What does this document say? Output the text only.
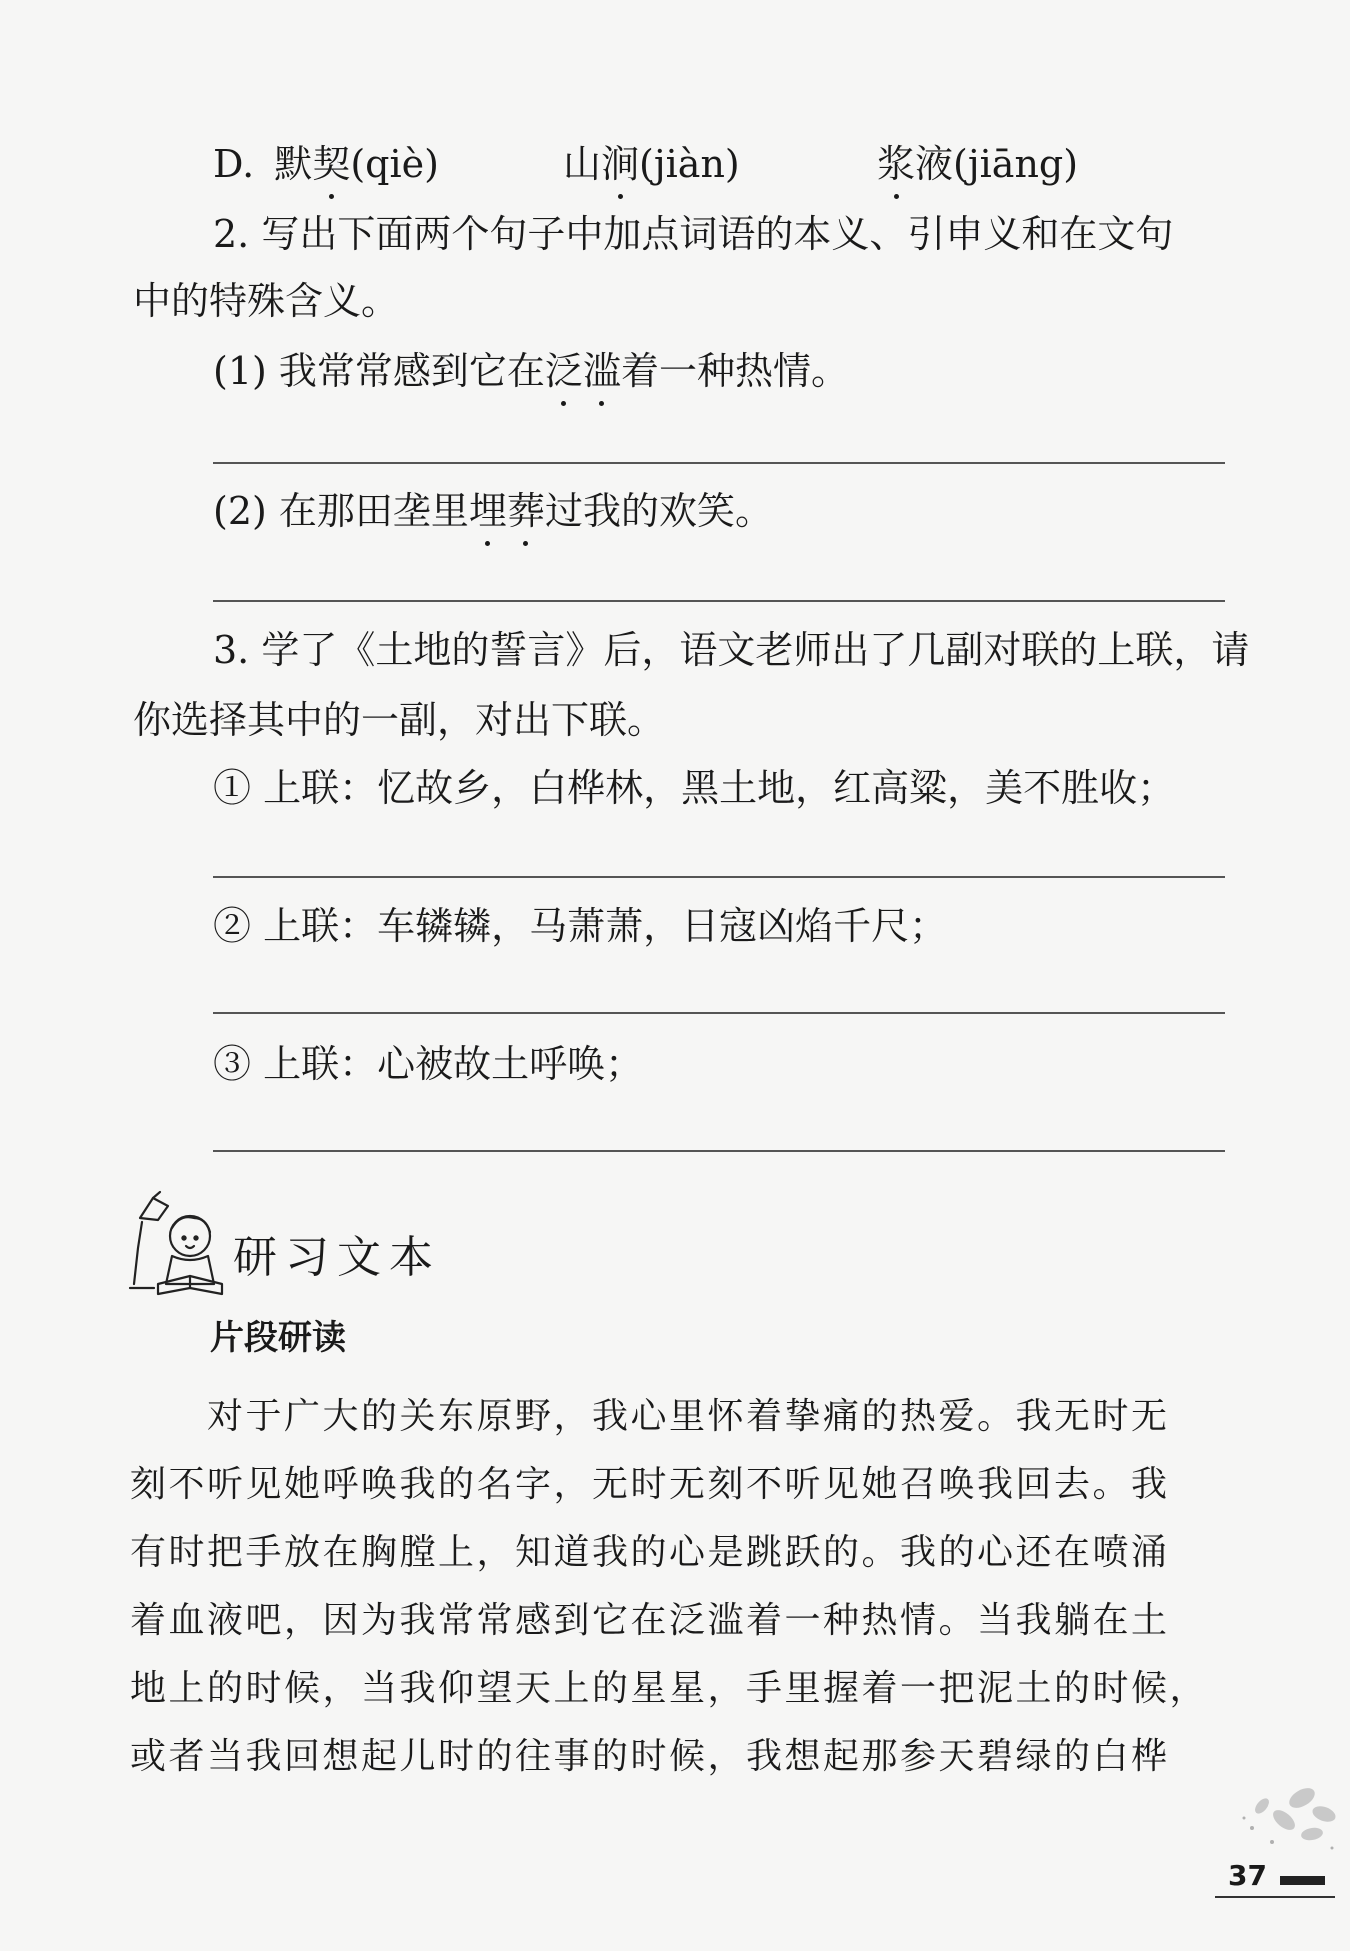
D. 默契(qiè)	山涧(jiàn)	浆液(jiāng)
2. 写出下面两个句子中加点词语的本义、引申义和在文句
中的特殊含义。
(1) 我常常感到它在泛滥着一种热情。
(2) 在那田垄里埋葬过我的欢笑。
3. 学了《土地的誓言》后，语文老师出了几副对联的上联，请
你选择其中的一副，对出下联。
① 上联：忆故乡，白桦林，黑土地，红高粱，美不胜收；
② 上联：车辚辚，马萧萧，日寇凶焰千尺；
③ 上联：心被故土呼唤；
研习文本
片段研读
　　对于广大的关东原野，我心里怀着挚痛的热爱。我无时无
刻不听见她呼唤我的名字，无时无刻不听见她召唤我回去。我
有时把手放在胸膛上，知道我的心是跳跃的。我的心还在喷涌
着血液吧，因为我常常感到它在泛滥着一种热情。当我躺在土
地上的时候，当我仰望天上的星星，手里握着一把泥土的时候，
或者当我回想起儿时的往事的时候，我想起那参天碧绿的白桦
37
